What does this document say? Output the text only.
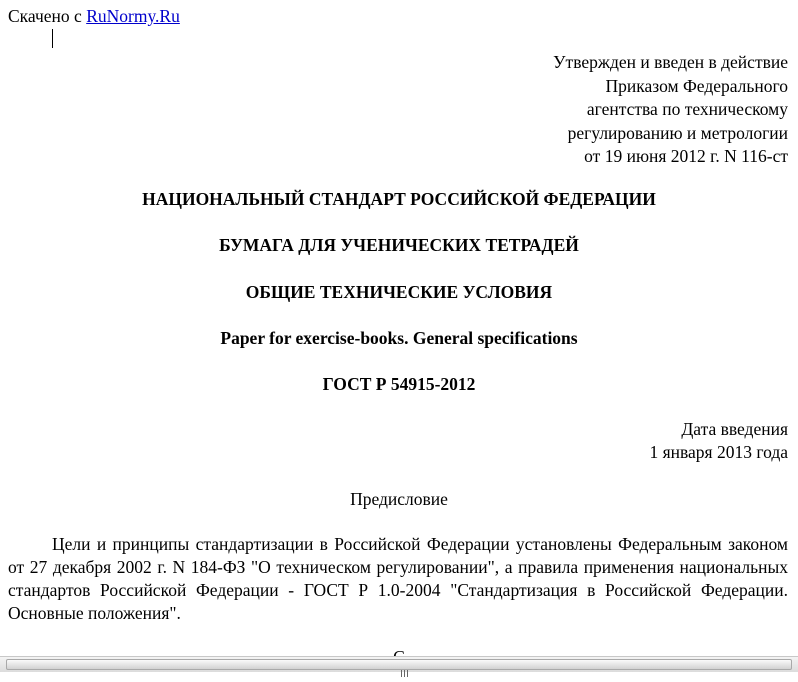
Скачено с RuNormy.Ru
Утвержден и введен в действие
Приказом Федерального
агентства по техническому
регулированию и метрологии
от 19 июня 2012 г. N 116-ст
НАЦИОНАЛЬНЫЙ СТАНДАРТ РОССИЙСКОЙ ФЕДЕРАЦИИ
БУМАГА ДЛЯ УЧЕНИЧЕСКИХ ТЕТРАДЕЙ
ОБЩИЕ ТЕХНИЧЕСКИЕ УСЛОВИЯ
Paper for exercise-books. General specifications
ГОСТ Р 54915-2012
Дата введения
1 января 2013 года
Предисловие
Цели и принципы стандартизации в Российской Федерации установлены Федеральным законом от 27 декабря 2002 г. N 184-ФЗ "О техническом регулировании", а правила применения национальных стандартов Российской Федерации - ГОСТ Р 1.0-2004 "Стандартизация в Российской Федерации. Основные положения".
